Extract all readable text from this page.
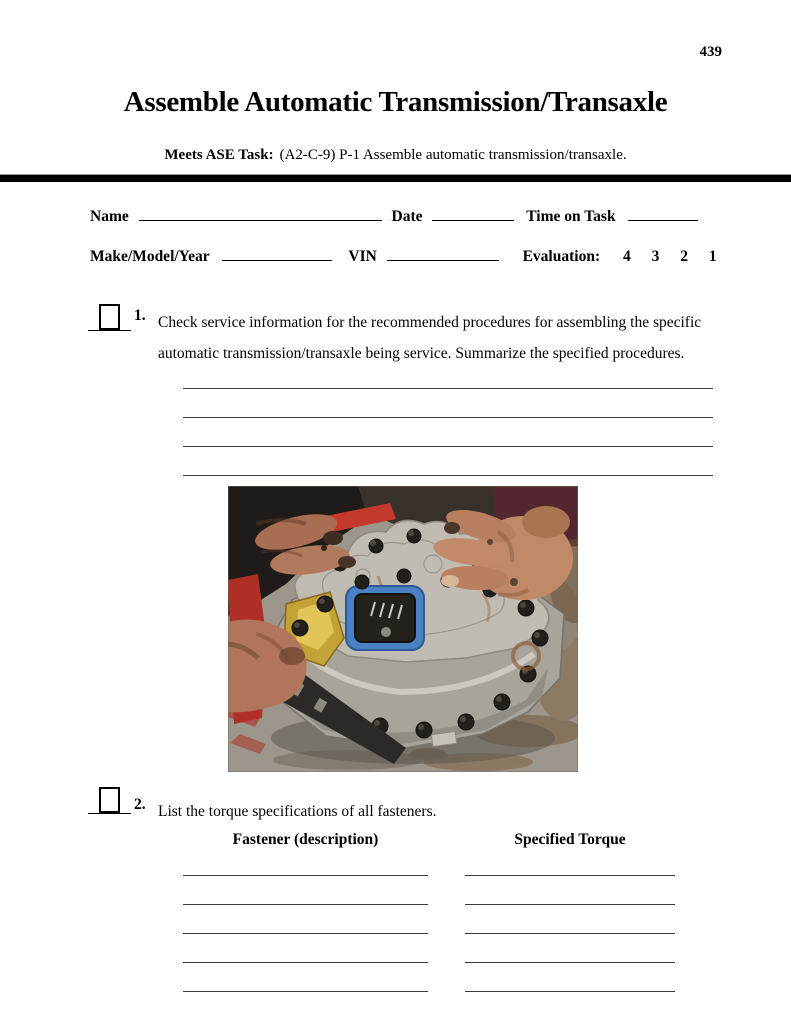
439
Assemble Automatic Transmission/Transaxle
Meets ASE Task: (A2-C-9) P-1 Assemble automatic transmission/transaxle.
Name	Date	Time on Task
Make/Model/Year	VIN	Evaluation: 4 3 2 1
1. Check service information for the recommended procedures for assembling the specific automatic transmission/transaxle being service. Summarize the specified procedures.
2. List the torque specifications of all fasteners.
Fastener (description)	Specified Torque
